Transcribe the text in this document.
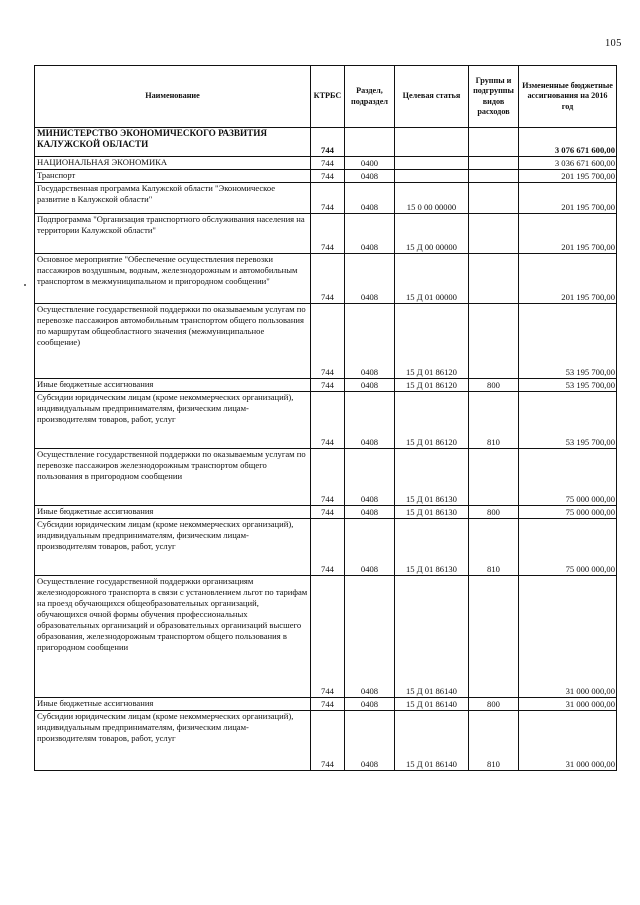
105
Наименование	КТРБС	Раздел, подраздел	Целевая статья	Группы и подгруппы видов расходов	Измененные бюджетные ассигнования на 2016 год
МИНИСТЕРСТВО ЭКОНОМИЧЕСКОГО РАЗВИТИЯ КАЛУЖСКОЙ ОБЛАСТИ	744				3 076 671 600,00
НАЦИОНАЛЬНАЯ ЭКОНОМИКА	744	0400			3 036 671 600,00
Транспорт	744	0408			201 195 700,00
Государственная программа Калужской области "Экономическое развитие в Калужской области"	744	0408	15 0 00 00000		201 195 700,00
Подпрограмма "Организация транспортного обслуживания населения на территории Калужской области"	744	0408	15 Д 00 00000		201 195 700,00
Основное мероприятие "Обеспечение осуществления перевозки пассажиров воздушным, водным, железнодорожным и автомобильным транспортом в межмуниципальном и пригородном сообщении"	744	0408	15 Д 01 00000		201 195 700,00
Осуществление государственной поддержки по оказываемым услугам по перевозке пассажиров автомобильным транспортом общего пользования по маршрутам общеобластного значения (межмуниципальное сообщение)	744	0408	15 Д 01 86120		53 195 700,00
Иные бюджетные ассигнования	744	0408	15 Д 01 86120	800	53 195 700,00
Субсидии юридическим лицам (кроме некоммерческих организаций), индивидуальным предпринимателям, физическим лицам-производителям товаров, работ, услуг	744	0408	15 Д 01 86120	810	53 195 700,00
Осуществление государственной поддержки по оказываемым услугам по перевозке пассажиров железнодорожным транспортом общего пользования в пригородном сообщении	744	0408	15 Д 01 86130		75 000 000,00
Иные бюджетные ассигнования	744	0408	15 Д 01 86130	800	75 000 000,00
Субсидии юридическим лицам (кроме некоммерческих организаций), индивидуальным предпринимателям, физическим лицам-производителям товаров, работ, услуг	744	0408	15 Д 01 86130	810	75 000 000,00
Осуществление государственной поддержки организациям железнодорожного транспорта в связи с установлением льгот по тарифам на проезд обучающихся общеобразовательных организаций, обучающихся очной формы обучения профессиональных образовательных организаций и образовательных организаций высшего образования, железнодорожным транспортом общего пользования в пригородном сообщении	744	0408	15 Д 01 86140		31 000 000,00
Иные бюджетные ассигнования	744	0408	15 Д 01 86140	800	31 000 000,00
Субсидии юридическим лицам (кроме некоммерческих организаций), индивидуальным предпринимателям, физическим лицам-производителям товаров, работ, услуг	744	0408	15 Д 01 86140	810	31 000 000,00
